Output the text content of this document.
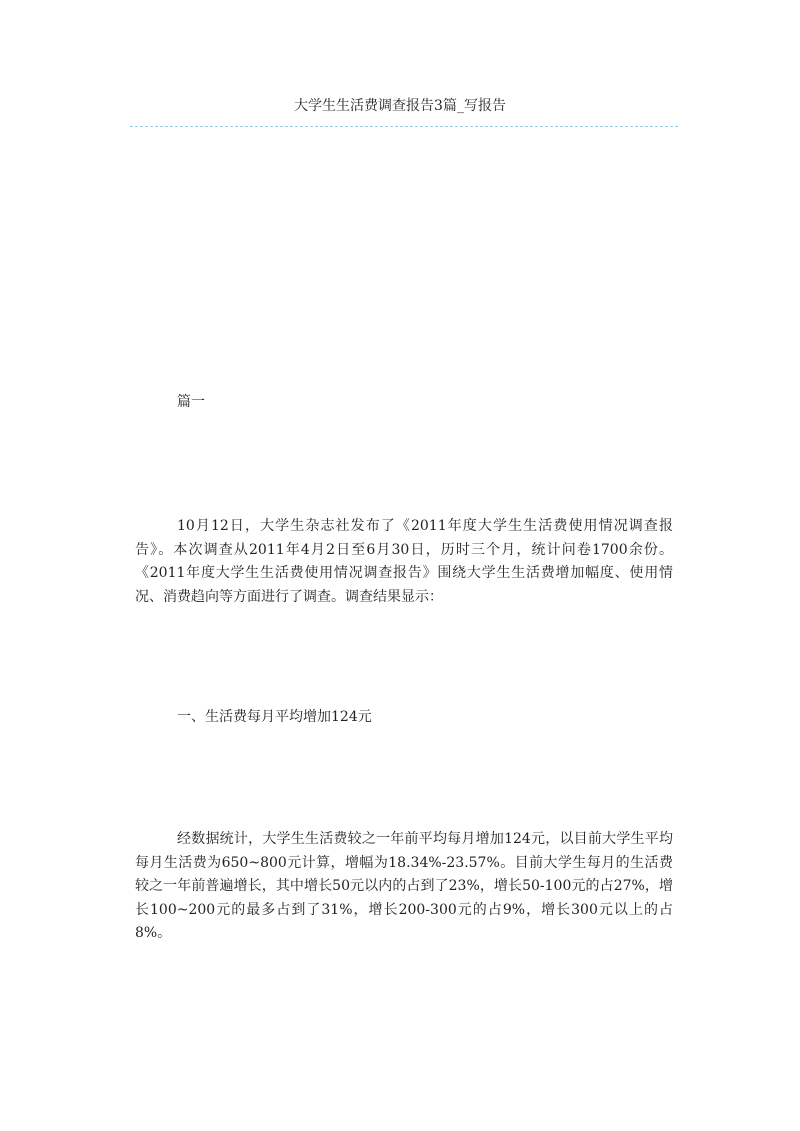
大学生生活费调查报告3篇_写报告
篇一

10月12日，大学生杂志社发布了《2011年度大学生生活费使用情况调查报告》。本次调查从2011年4月2日至6月30日，历时三个月，统计问卷1700余份。《2011年度大学生生活费使用情况调查报告》围绕大学生生活费增加幅度、使用情况、消费趋向等方面进行了调查。调查结果显示：

一、生活费每月平均增加124元

经数据统计，大学生生活费较之一年前平均每月增加124元，以目前大学生平均每月生活费为650~800元计算，增幅为18.34%-23.57%。目前大学生每月的生活费较之一年前普遍增长，其中增长50元以内的占到了23%，增长50-100元的占27%，增长100~200元的最多占到了31%，增长200-300元的占9%，增长300元以上的占8%。
